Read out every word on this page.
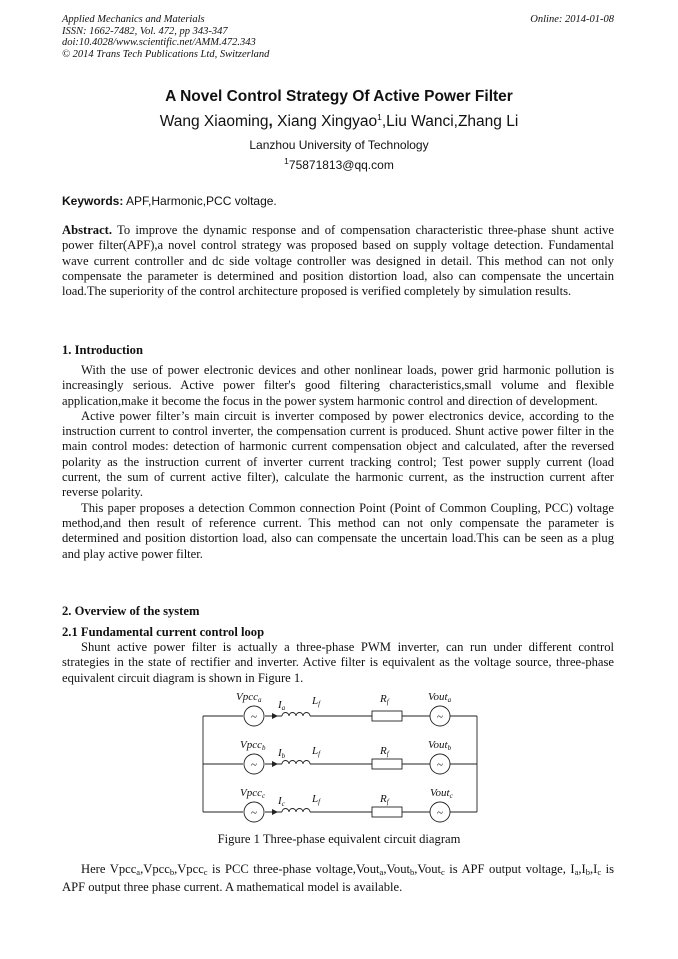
Applied Mechanics and Materials
ISSN: 1662-7482, Vol. 472, pp 343-347
doi:10.4028/www.scientific.net/AMM.472.343
© 2014 Trans Tech Publications Ltd, Switzerland
Online: 2014-01-08
A Novel Control Strategy Of Active Power Filter
Wang Xiaoming, Xiang Xingyao$^1$,Liu Wanci,Zhang Li
Lanzhou University of Technology
$^1$75871813@qq.com
Keywords: APF,Harmonic,PCC voltage.

Abstract. To improve the dynamic response and of compensation characteristic three-phase shunt active power filter(APF),a novel control strategy was proposed based on supply voltage detection. Fundamental wave current controller and dc side voltage controller was designed in detail. This method can not only compensate the parameter is determined and position distortion load, also can compensate the uncertain load.The superiority of the control architecture proposed is verified completely by simulation results.

1. Introduction

With the use of power electronic devices and other nonlinear loads, power grid harmonic pollution is increasingly serious. Active power filter's good filtering characteristics,small volume and flexible application,make it become the focus in the power system harmonic control and direction of development.

Active power filter’s main circuit is inverter composed by power electronics device, according to the instruction current to control inverter, the compensation current is produced. Shunt active power filter in the main control modes: detection of harmonic current compensation object and calculated, after the reversed polarity as the instruction current of inverter current tracking control; Test power supply current (load current, the sum of current active filter), calculate the harmonic current, as the instruction current after reverse polarity.

This paper proposes a detection Common connection Point (Point of Common Coupling, PCC) voltage method,and then result of reference current. This method can not only compensate the parameter is determined and position distortion load, also can compensate the uncertain load.This can be seen as a plug and play active power filter.

2. Overview of the system

2.1 Fundamental current control loop

Shunt active power filter is actually a three-phase PWM inverter, can run under different control strategies in the state of rectifier and inverter. Active filter is equivalent as the voltage source, three-phase equivalent circuit diagram is shown in Figure 1.

~
~
~
~
~
~
Vpcca
Vpccb
Vpccc
Ia
Ib
Ic
Lf
Lf
Lf
Rf
Rf
Rf
Vouta
Voutb
Voutc
Figure 1 Three-phase equivalent circuit diagram

Here Vpcc$_a$,Vpcc$_b$,Vpcc$_c$ is PCC three-phase voltage,Vout$_a$,Vout$_b$,Vout$_c$ is APF output voltage, $I_a,I_b,I_c$ is APF output three phase current. A mathematical model is available.
